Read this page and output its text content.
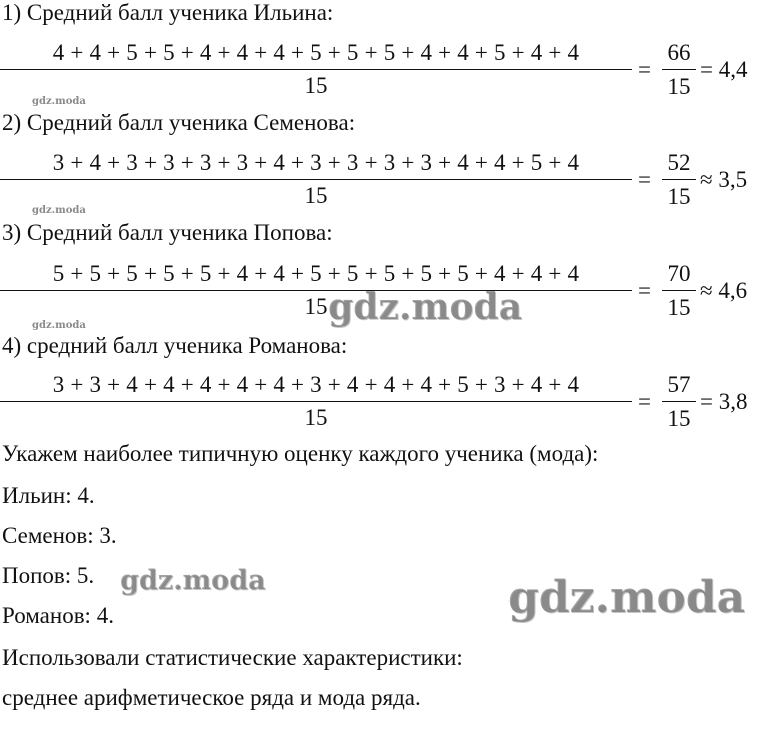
1) Средний балл ученика Ильина:
4 + 4 + 5 + 5 + 4 + 4 + 4 + 5 + 5 + 5 + 4 + 4 + 5 + 4 + 4
15
=
66
15
= 4,4
gdz.moda
2) Средний балл ученика Семенова:
3 + 4 + 3 + 3 + 3 + 3 + 4 + 3 + 3 + 3 + 3 + 4 + 4 + 5 + 4
15
=
52
15
≈ 3,5
gdz.moda
3) Средний балл ученика Попова:
5 + 5 + 5 + 5 + 5 + 4 + 4 + 5 + 5 + 5 + 5 + 5 + 4 + 4 + 4
15
=
70
15
≈ 4,6
gdz.moda
gdz.moda
4) средний балл ученика Романова:
3 + 3 + 4 + 4 + 4 + 4 + 4 + 3 + 4 + 4 + 4 + 5 + 3 + 4 + 4
15
=
57
15
= 3,8
Укажем наиболее типичную оценку каждого ученика (мода):
Ильин: 4.
Семенов: 3.
Попов: 5.
Романов: 4.
Использовали статистические характеристики:
среднее арифметическое ряда и мода ряда.
gdz.moda	gdz.moda
